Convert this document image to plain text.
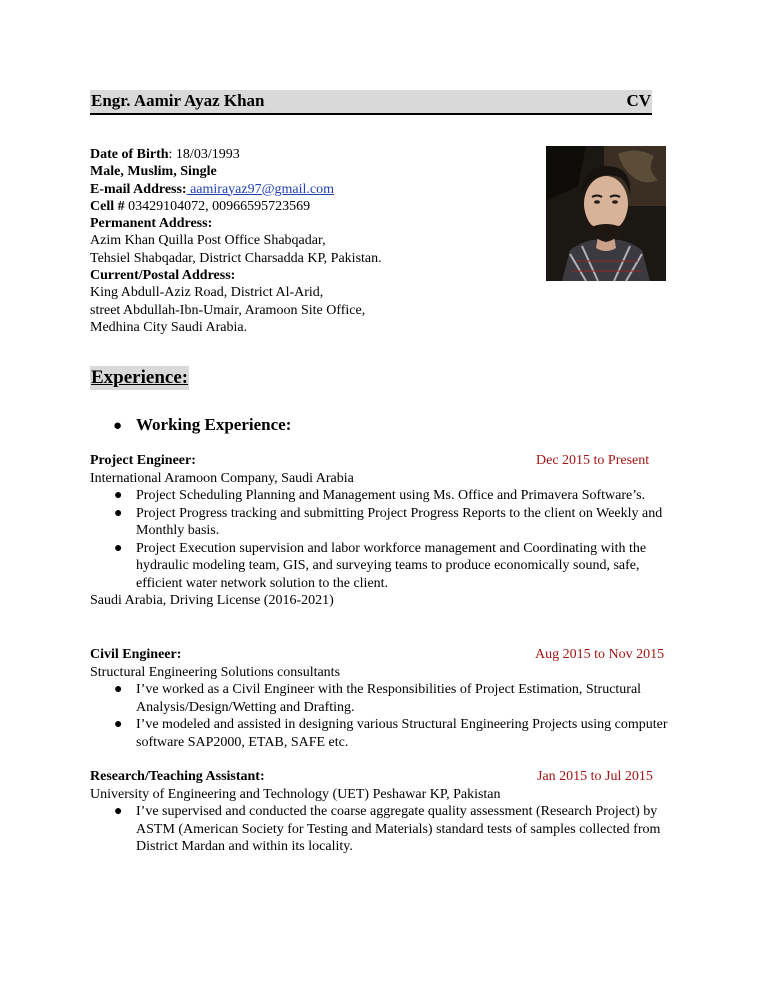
Engr. Aamir Ayaz Khan	CV
Date of Birth: 18/03/1993
Male, Muslim, Single
E-mail Address: aamirayaz97@gmail.com
Cell # 03429104072, 00966595723569
Permanent Address:
Azim Khan Quilla Post Office Shabqadar,
Tehsiel Shabqadar, District Charsadda KP, Pakistan.
Current/Postal Address:
King Abdull-Aziz Road, District Al-Arid,
street Abdullah-Ibn-Umair, Aramoon Site Office,
Medhina City Saudi Arabia.
Experience:
● Working Experience:
Project Engineer:	Dec 2015 to Present
International Aramoon Company, Saudi Arabia
● Project Scheduling Planning and Management using Ms. Office and Primavera Software’s.
● Project Progress tracking and submitting Project Progress Reports to the client on Weekly and Monthly basis.
● Project Execution supervision and labor workforce management and Coordinating with the hydraulic modeling team, GIS, and surveying teams to produce economically sound, safe, efficient water network solution to the client.
Saudi Arabia, Driving License (2016-2021)
Civil Engineer:	Aug 2015 to Nov 2015
Structural Engineering Solutions consultants
● I’ve worked as a Civil Engineer with the Responsibilities of Project Estimation, Structural Analysis/Design/Wetting and Drafting.
● I’ve modeled and assisted in designing various Structural Engineering Projects using computer software SAP2000, ETAB, SAFE etc.
Research/Teaching Assistant:	Jan 2015 to Jul 2015
University of Engineering and Technology (UET) Peshawar KP, Pakistan
● I’ve supervised and conducted the coarse aggregate quality assessment (Research Project) by ASTM (American Society for Testing and Materials) standard tests of samples collected from District Mardan and within its locality.
